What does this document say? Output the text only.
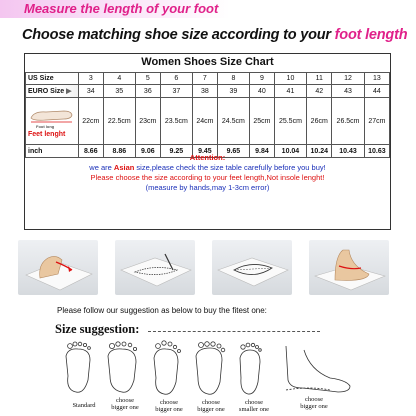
Measure the length of your foot
Choose matching shoe size according to your foot length
Women Shoes Size Chart
US Size	3	4	5	6	7	8	9	10	11	12	13
EURO Size ▶	34	35	36	37	38	39	40	41	42	43	44

Foot long
Feet lenght	22cm	22.5cm	23cm	23.5cm	24cm	24.5cm	25cm	25.5cm	26cm	26.5cm	27cm
inch	8.66	8.86	9.06	9.25	9.45	9.65	9.84	10.04	10.24	10.43	10.63
Attention:
we are Asian size,please check the size table carefully before you buy!
Please choose the size according to your feet length,Not insole lenght!
(measure by hands,may 1-3cm error)
Please follow our suggestion as below to buy the fitest one:
Size suggestion:
Standard
choose
bigger one
choose
bigger one
choose
bigger one
choose
smaller one
choose
bigger one
